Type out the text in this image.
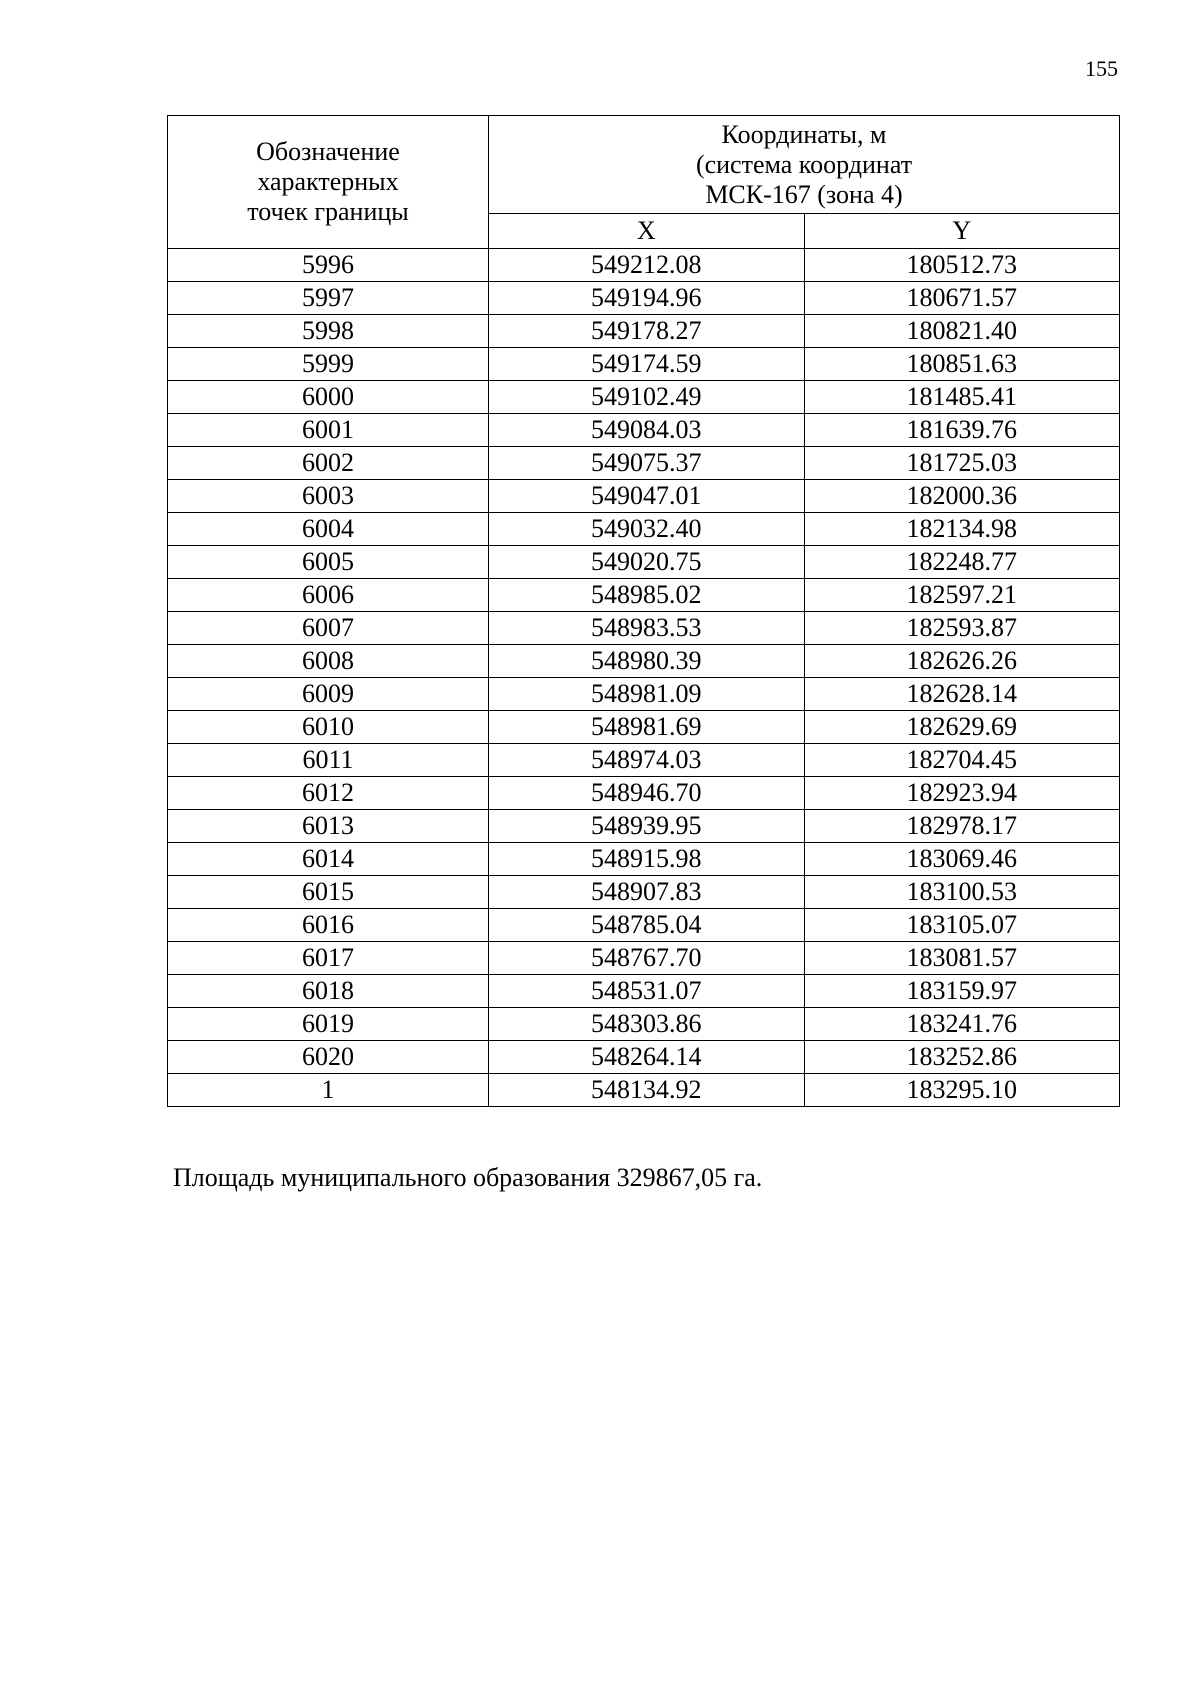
155
Обозначение
характерных
точек границы	Координаты, м
(система координат
МСК-167 (зона 4)	

	X	Y
5996	549212.08	180512.73
5997	549194.96	180671.57
5998	549178.27	180821.40
5999	549174.59	180851.63
6000	549102.49	181485.41
6001	549084.03	181639.76
6002	549075.37	181725.03
6003	549047.01	182000.36
6004	549032.40	182134.98
6005	549020.75	182248.77
6006	548985.02	182597.21
6007	548983.53	182593.87
6008	548980.39	182626.26
6009	548981.09	182628.14
6010	548981.69	182629.69
6011	548974.03	182704.45
6012	548946.70	182923.94
6013	548939.95	182978.17
6014	548915.98	183069.46
6015	548907.83	183100.53
6016	548785.04	183105.07
6017	548767.70	183081.57
6018	548531.07	183159.97
6019	548303.86	183241.76
6020	548264.14	183252.86
1	548134.92	183295.10
Площадь муниципального образования 329867,05 га.
